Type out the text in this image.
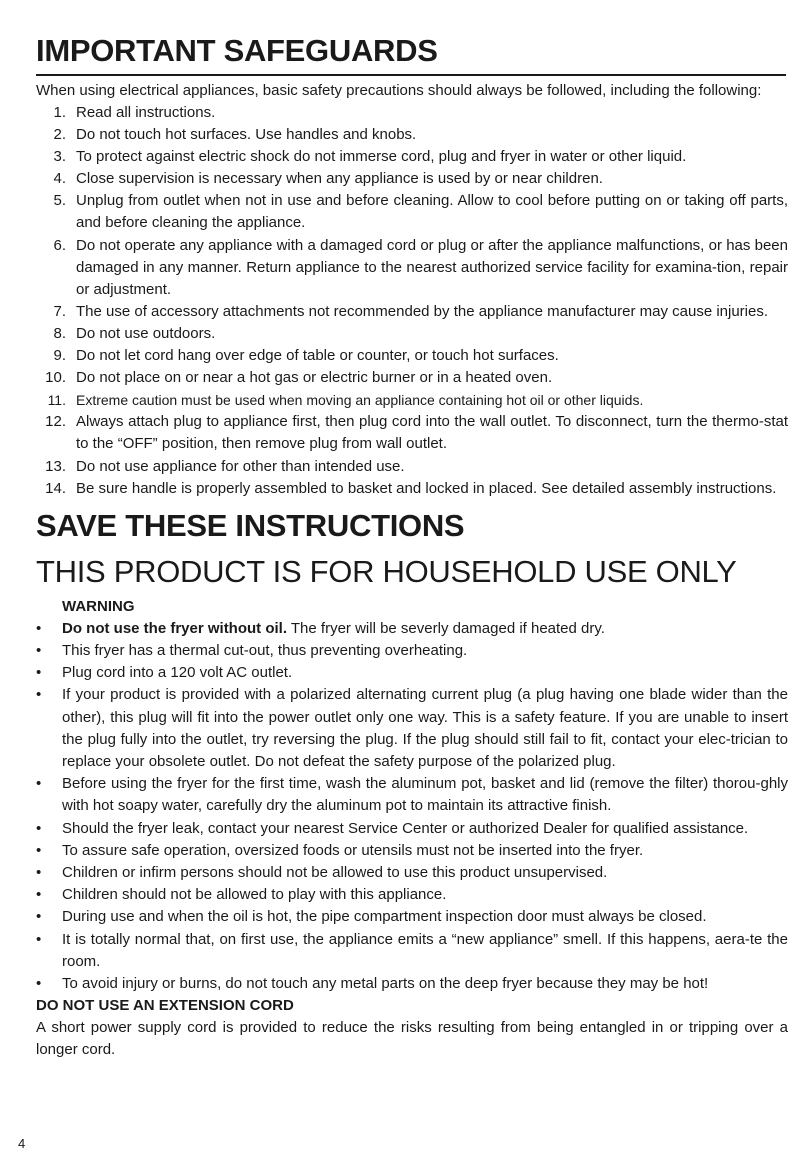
IMPORTANT SAFEGUARDS

When using electrical appliances, basic safety precautions should always be followed, including the following:

1. Read all instructions.
2. Do not touch hot surfaces. Use handles and knobs.
3. To protect against electric shock do not immerse cord, plug and fryer in water or other liquid.
4. Close supervision is necessary when any appliance is used by or near children.
5. Unplug from outlet when not in use and before cleaning. Allow to cool before putting on or taking off parts, and before cleaning the appliance.
6. Do not operate any appliance with a damaged cord or plug or after the appliance malfunctions, or has been damaged in any manner. Return appliance to the nearest authorized service facility for examina-tion, repair or adjustment.
7. The use of accessory attachments not recommended by the appliance manufacturer may cause injuries.
8. Do not use outdoors.
9. Do not let cord hang over edge of table or counter, or touch hot surfaces.
10. Do not place on or near a hot gas or electric burner or in a heated oven.
11. Extreme caution must be used when moving an appliance containing hot oil or other liquids.
12. Always attach plug to appliance first, then plug cord into the wall outlet. To disconnect, turn the thermo-stat to the “OFF” position, then remove plug from wall outlet.
13. Do not use appliance for other than intended use.
14. Be sure handle is properly assembled to basket and locked in placed. See detailed assembly instructions.
SAVE THESE INSTRUCTIONS
THIS PRODUCT IS FOR HOUSEHOLD USE ONLY
WARNING
• Do not use the fryer without oil. The fryer will be severly damaged if heated dry.
• This fryer has a thermal cut-out, thus preventing overheating.
• Plug cord into a 120 volt AC outlet.
• If your product is provided with a polarized alternating current plug (a plug having one blade wider than the other), this plug will fit into the power outlet only one way. This is a safety feature. If you are unable to insert the plug fully into the outlet, try reversing the plug. If the plug should still fail to fit, contact your elec-trician to replace your obsolete outlet. Do not defeat the safety purpose of the polarized plug.
• Before using the fryer for the first time, wash the aluminum pot, basket and lid (remove the filter) thorou-ghly with hot soapy water, carefully dry the aluminum pot to maintain its attractive finish.
• Should the fryer leak, contact your nearest Service Center or authorized Dealer for qualified assistance.
• To assure safe operation, oversized foods or utensils must not be inserted into the fryer.
• Children or infirm persons should not be allowed to use this product unsupervised.
• Children should not be allowed to play with this appliance.
• During use and when the oil is hot, the pipe compartment inspection door must always be closed.
• It is totally normal that, on first use, the appliance emits a “new appliance” smell. If this happens, aera-te the room.
• To avoid injury or burns, do not touch any metal parts on the deep fryer because they may be hot!
DO NOT USE AN EXTENSION CORD

A short power supply cord is provided to reduce the risks resulting from being entangled in or tripping over a longer cord.

4
